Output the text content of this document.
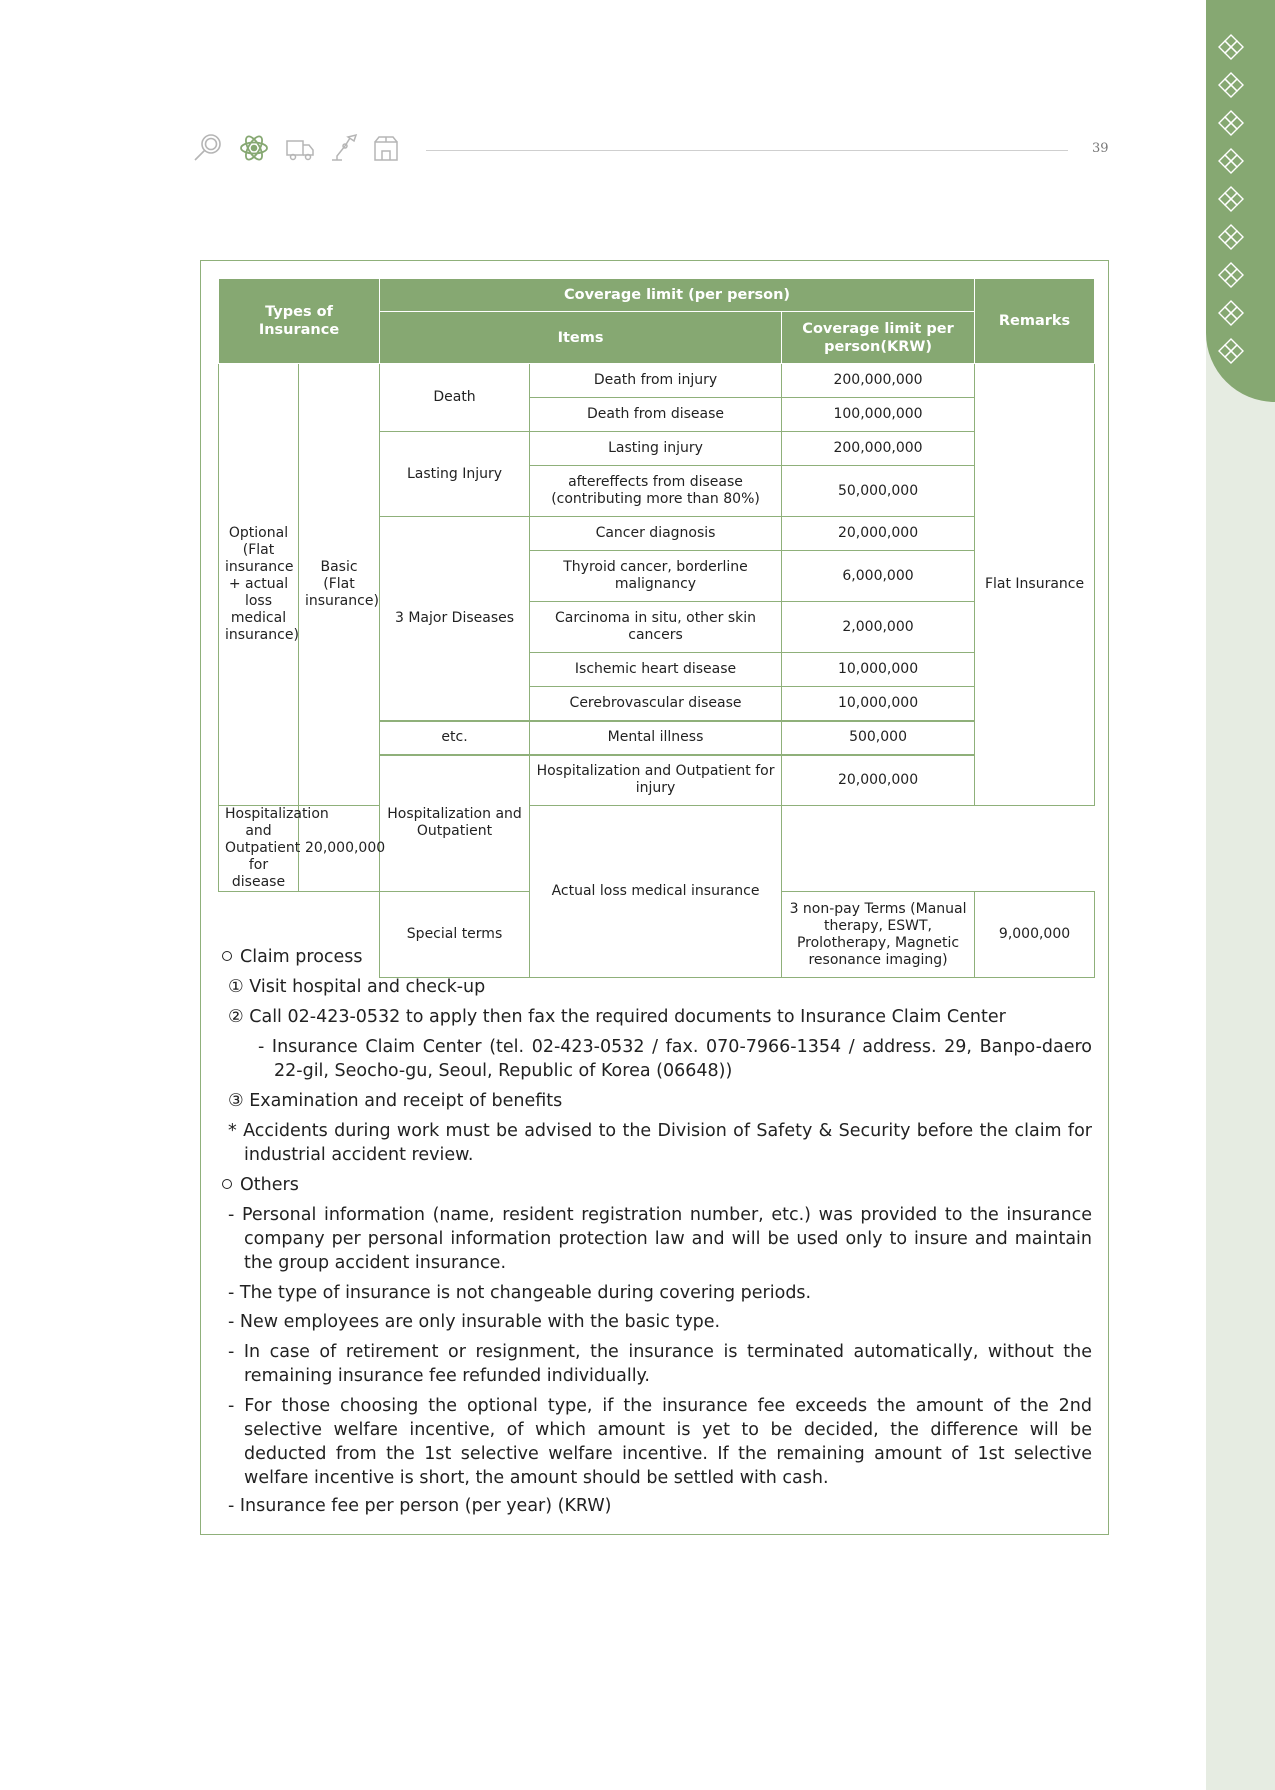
39
Types of Insurance		Coverage limit (per person)			Remarks
		Items		Coverage limit per person(KRW)	
Optional (Flat insurance + actual loss medical insurance)	Basic (Flat insurance)	Death	Death from injury	200,000,000	Flat Insurance
			Death from disease	100,000,000	
		Lasting Injury	Lasting injury	200,000,000	
			aftereffects from disease (contributing more than 80%)	50,000,000	
		3 Major Diseases	Cancer diagnosis	20,000,000	
			Thyroid cancer, borderline malignancy	6,000,000	
			Carcinoma in situ, other skin cancers	2,000,000	
			Ischemic heart disease	10,000,000	
			Cerebrovascular disease	10,000,000	
		etc.	Mental illness	500,000	
		Hospitalization and Outpatient	Hospitalization and Outpatient for injury	20,000,000	
Hospitalization and Outpatient for disease	20,000,000		Actual loss medical insurance		
		Special terms		3 non-pay Terms (Manual therapy, ESWT, Prolotherapy, Magnetic resonance imaging)	9,000,000
Claim process
① Visit hospital and check-up
② Call 02-423-0532 to apply then fax the required documents to Insurance Claim Center
- Insurance Claim Center (tel. 02-423-0532 / fax. 070-7966-1354 / address. 29, Banpo-daero 22-gil, Seocho-gu, Seoul, Republic of Korea (06648))
③ Examination and receipt of benefits
* Accidents during work must be advised to the Division of Safety & Security before the claim for industrial accident review.
Others
- Personal information (name, resident registration number, etc.) was provided to the insurance company per personal information protection law and will be used only to insure and maintain the group accident insurance.
- The type of insurance is not changeable during covering periods.
- New employees are only insurable with the basic type.
- In case of retirement or resignment, the insurance is terminated automatically, without the remaining insurance fee refunded individually.
- For those choosing the optional type, if the insurance fee exceeds the amount of the 2nd selective welfare incentive, of which amount is yet to be decided, the difference will be deducted from the 1st selective welfare incentive. If the remaining amount of 1st selective welfare incentive is short, the amount should be settled with cash.
- Insurance fee per person (per year) (KRW)
